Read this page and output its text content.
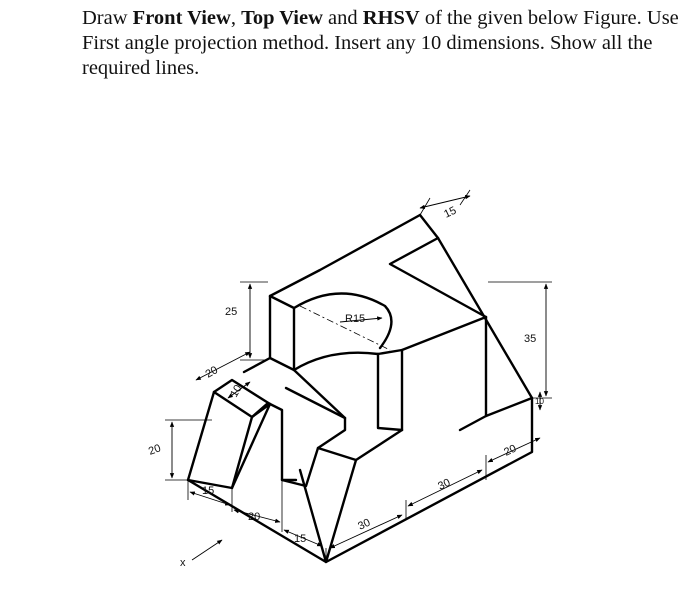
Draw Front View, Top View and RHSV of the given below Figure. Use First angle projection method. Insert any 10 dimensions. Show all the required lines.
15
25
R15
35
10
20
10
20
15
20
15
30
30
20
x
